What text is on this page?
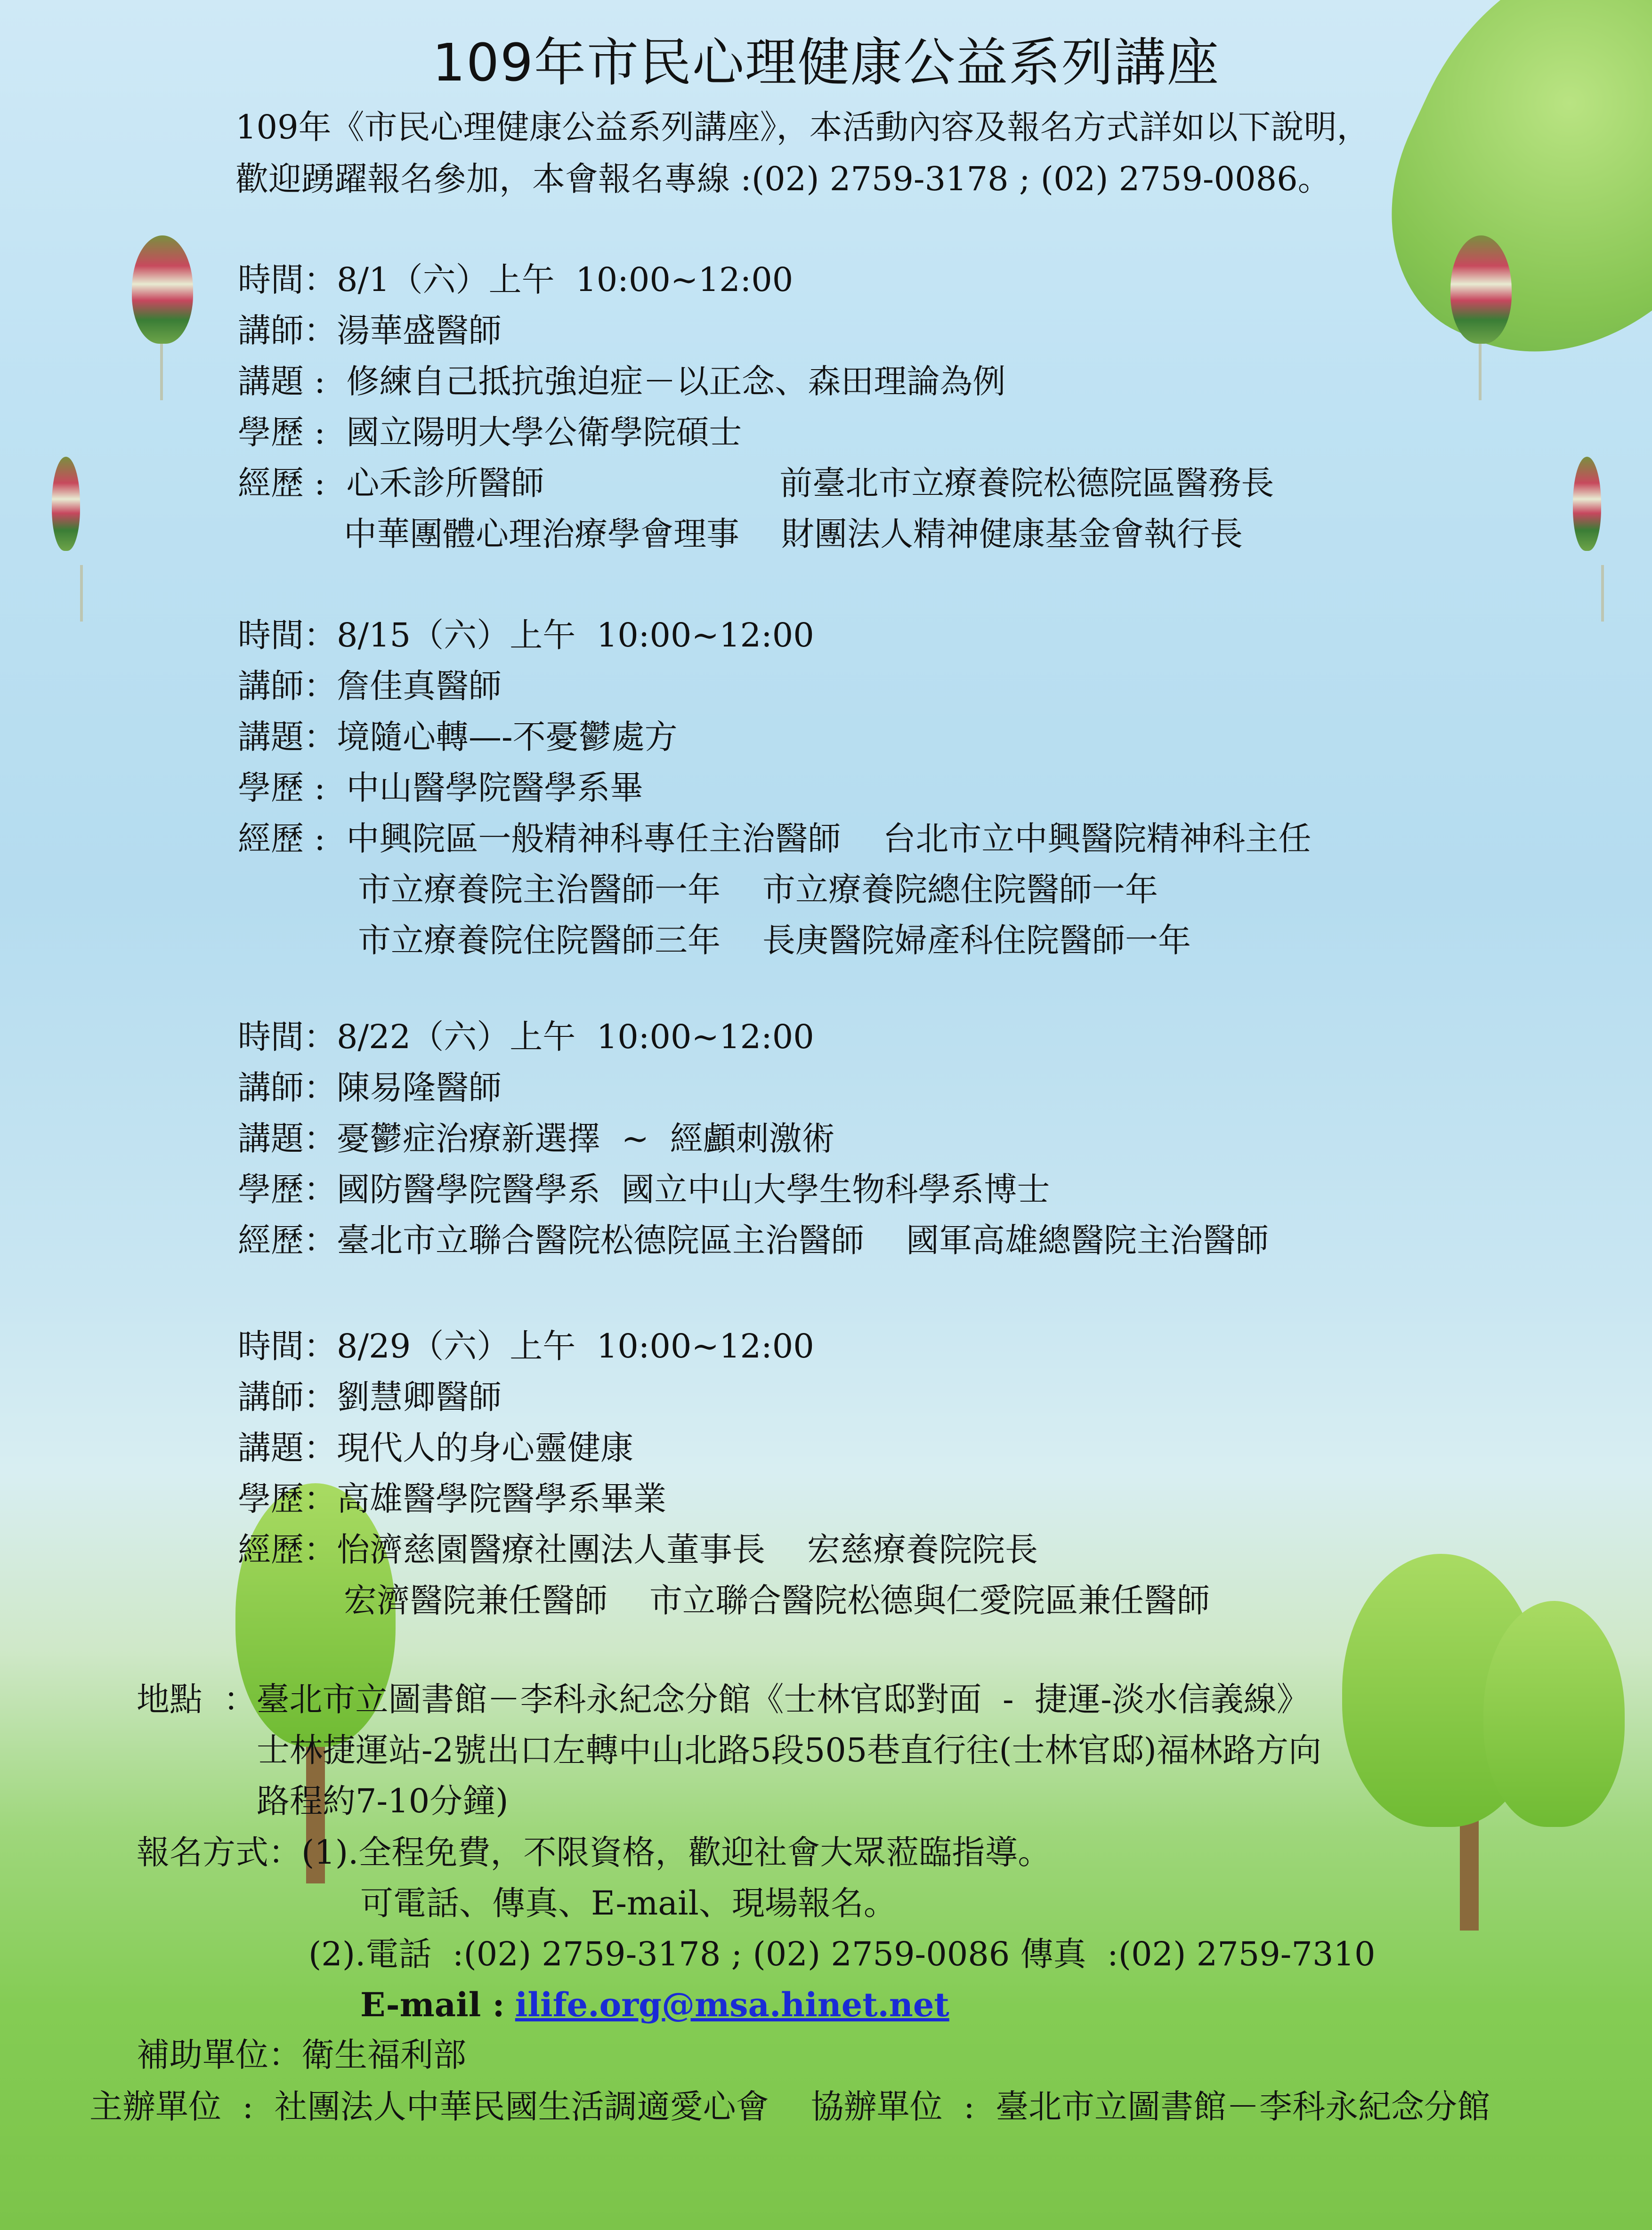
109年市民心理健康公益系列講座
109年《市民心理健康公益系列講座》，本活動內容及報名方式詳如以下說明，
歡迎踴躍報名參加，本會報名專線 :(02) 2759-3178 ; (02) 2759-0086。
時間：8/1（六）上午  10:00~12:00
講師：湯華盛醫師
講題 :  修練自己抵抗強迫症－以正念、森田理論為例
學歷 :  國立陽明大學公衛學院碩士
經歷 :  心禾診所醫師	前臺北市立療養院松德院區醫務長
中華團體心理治療學會理事    財團法人精神健康基金會執行長
時間：8/15（六）上午  10:00~12:00
講師：詹佳真醫師
講題：境隨心轉—-不憂鬱處方
學歷 :  中山醫學院醫學系畢
經歷 :  中興院區一般精神科專任主治醫師    台北市立中興醫院精神科主任
市立療養院主治醫師一年    市立療養院總住院醫師一年
市立療養院住院醫師三年    長庚醫院婦產科住院醫師一年
時間：8/22（六）上午  10:00~12:00
講師：陳易隆醫師
講題：憂鬱症治療新選擇  ~  經顱刺激術
學歷：國防醫學院醫學系  國立中山大學生物科學系博士
經歷：臺北市立聯合醫院松德院區主治醫師    國軍高雄總醫院主治醫師
時間：8/29（六）上午  10:00~12:00
講師：劉慧卿醫師
講題：現代人的身心靈健康
學歷：高雄醫學院醫學系畢業
經歷：怡濟慈園醫療社團法人董事長    宏慈療養院院長
宏濟醫院兼任醫師    市立聯合醫院松德與仁愛院區兼任醫師
地點  ：臺北市立圖書館－李科永紀念分館《士林官邸對面  -  捷運-淡水信義線》
士林捷運站-2號出口左轉中山北路5段505巷直行往(士林官邸)福林路方向
路程約7-10分鐘)
報名方式：(1).全程免費，不限資格，歡迎社會大眾蒞臨指導。
可電話、傳真、E-mail、現場報名。
(2).電話  :(02) 2759-3178 ; (02) 2759-0086 傳真  :(02) 2759-7310
E-mail : ilife.org@msa.hinet.net
補助單位：衛生福利部
主辦單位  :  社團法人中華民國生活調適愛心會    協辦單位  :  臺北市立圖書館－李科永紀念分館
